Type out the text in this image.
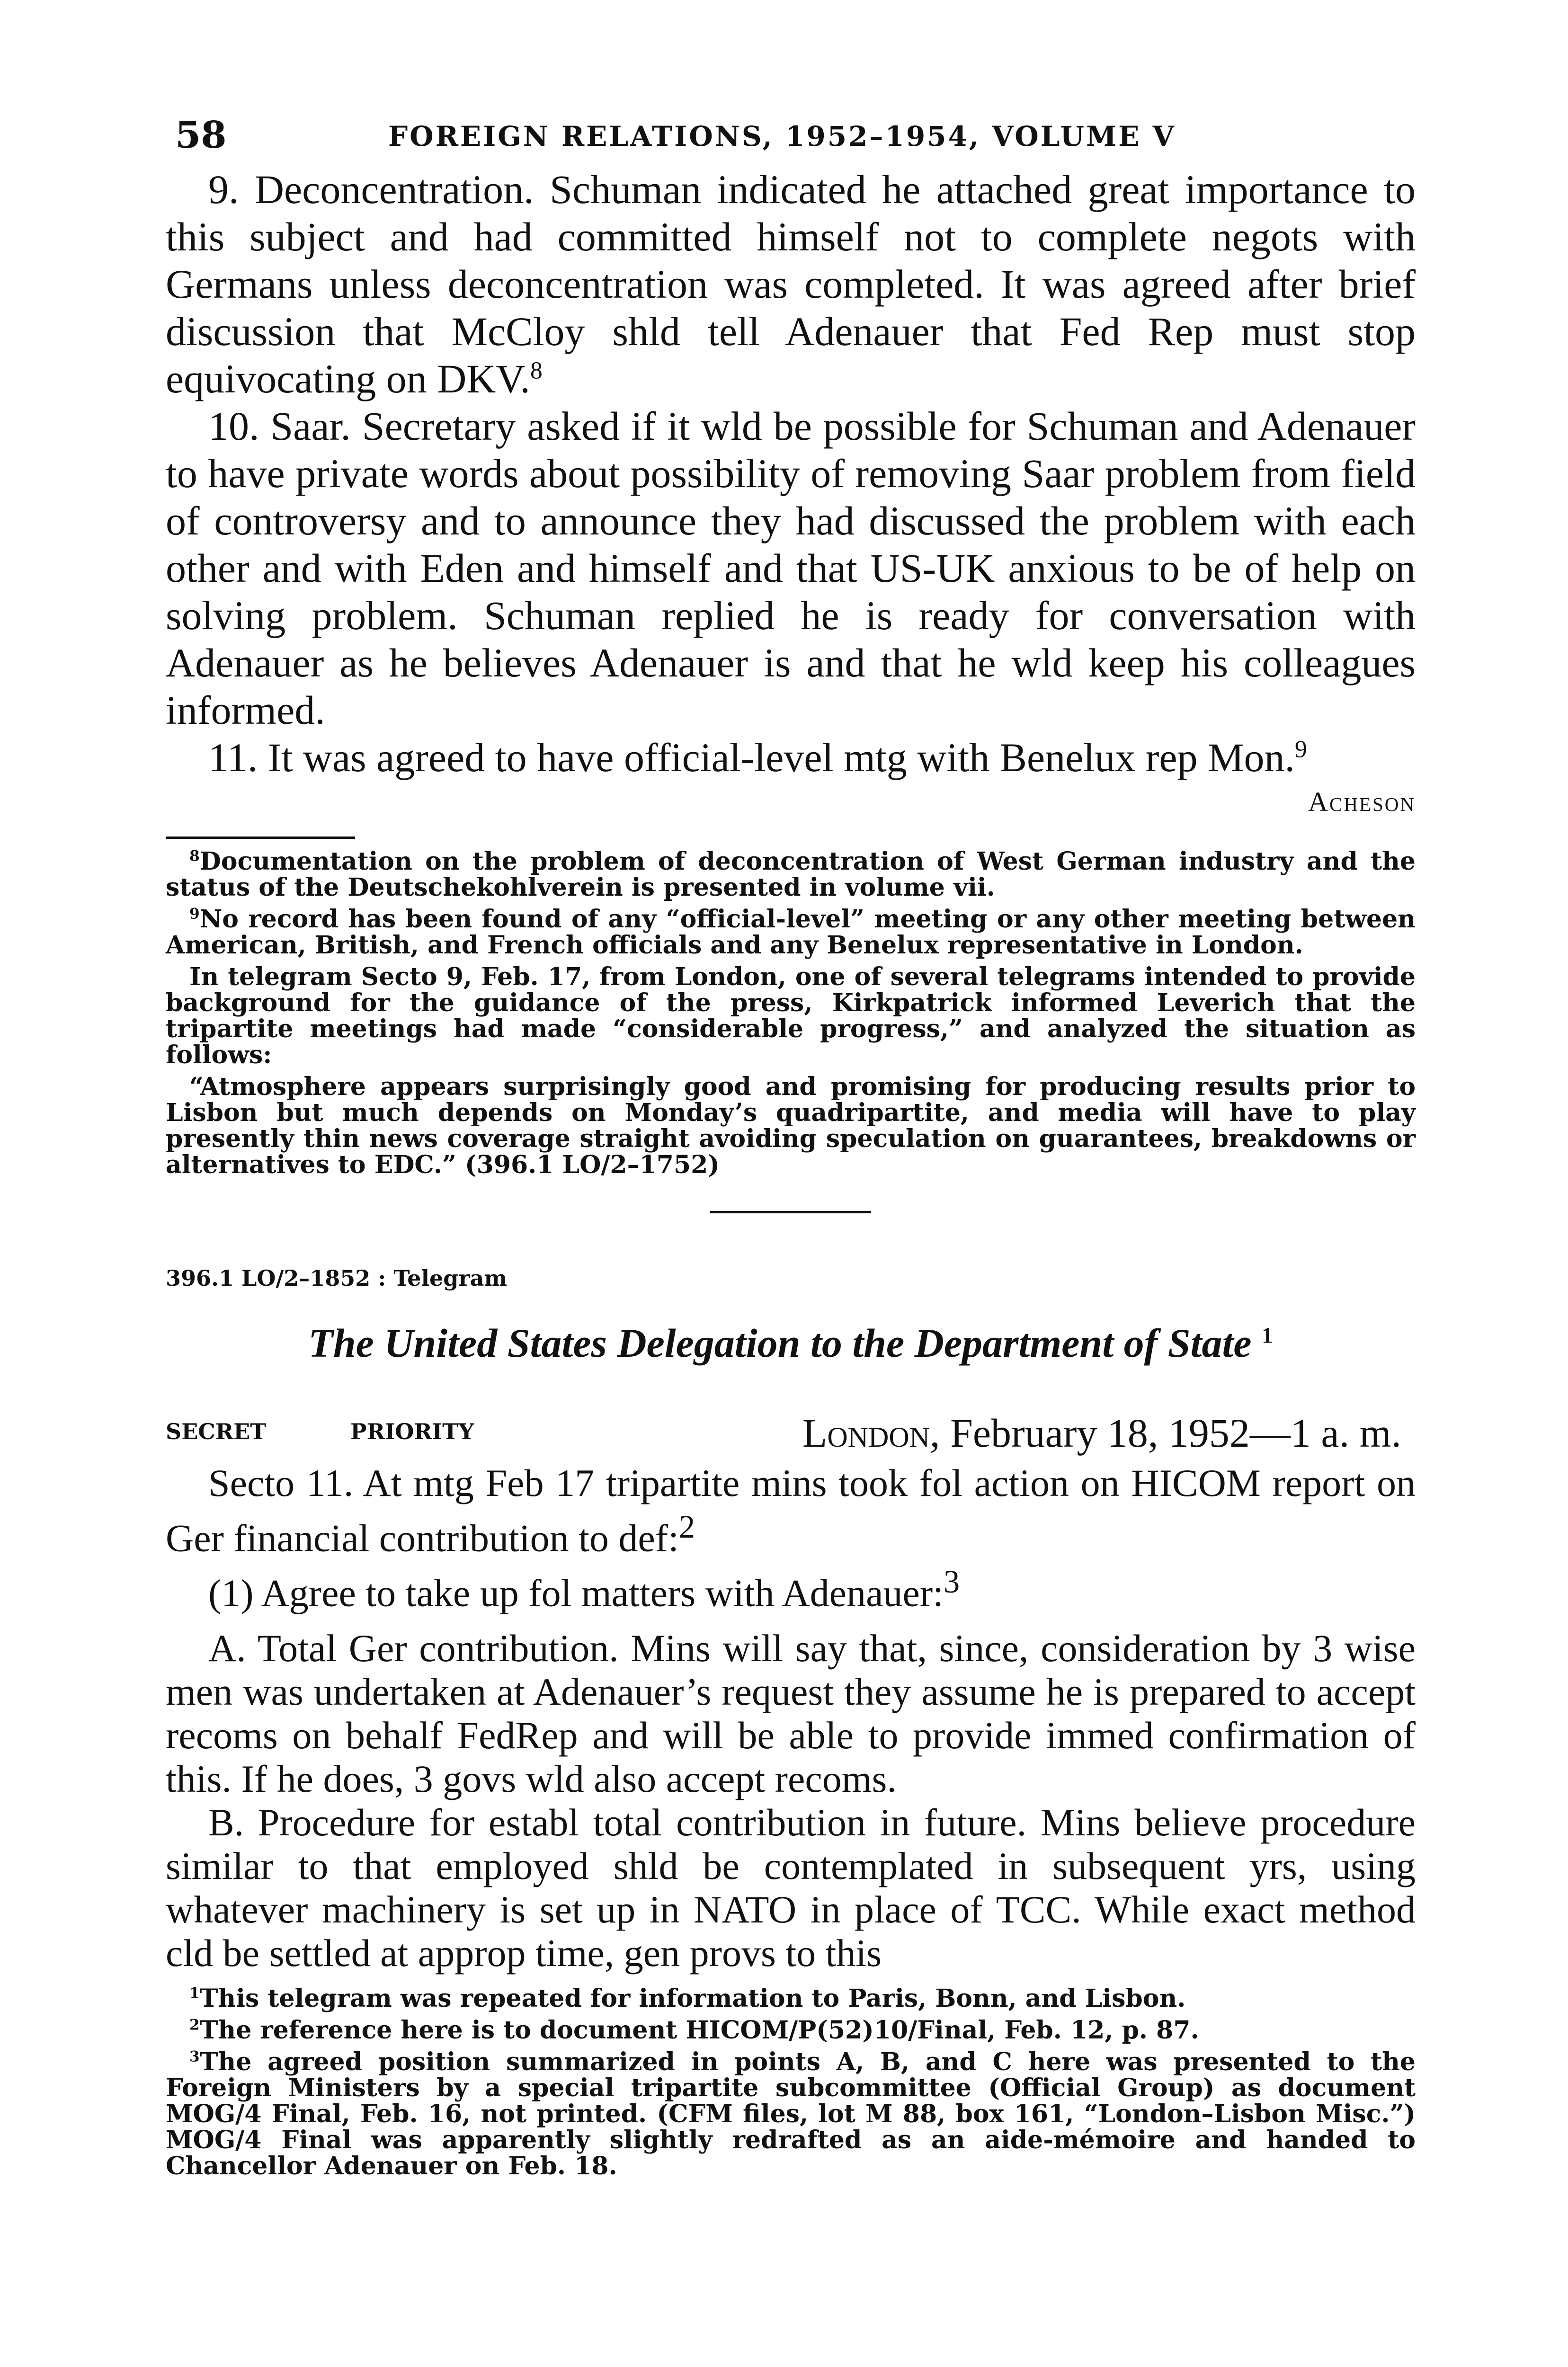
58	FOREIGN RELATIONS, 1952–1954, VOLUME V

9. Deconcentration. Schuman indicated he attached great importance to this subject and had committed himself not to complete negots with Germans unless deconcentration was completed. It was agreed after brief discussion that McCloy shld tell Adenauer that Fed Rep must stop equivocating on DKV.$^8$

10. Saar. Secretary asked if it wld be possible for Schuman and Adenauer to have private words about possibility of removing Saar problem from field of controversy and to announce they had discussed the problem with each other and with Eden and himself and that US-UK anxious to be of help on solving problem. Schuman replied he is ready for conversation with Adenauer as he believes Adenauer is and that he wld keep his colleagues informed.

11. It was agreed to have official-level mtg with Benelux rep Mon.$^9$

Acheson

$^8$Documentation on the problem of deconcentration of West German industry and the status of the Deutschekohlverein is presented in volume vii.

$^9$No record has been found of any “official-level” meeting or any other meeting between American, British, and French officials and any Benelux representative in London.

In telegram Secto 9, Feb. 17, from London, one of several telegrams intended to provide background for the guidance of the press, Kirkpatrick informed Leverich that the tripartite meetings had made “considerable progress,” and analyzed the situation as follows:

“Atmosphere appears surprisingly good and promising for producing results prior to Lisbon but much depends on Monday’s quadripartite, and media will have to play presently thin news coverage straight avoiding speculation on guarantees, breakdowns or alternatives to EDC.” (396.1 LO/2–1752)

396.1 LO/2–1852 : Telegram

The United States Delegation to the Department of State $^1$

SECRET	PRIORITY	London, February 18, 1952—1 a. m.

Secto 11. At mtg Feb 17 tripartite mins took fol action on HICOM report on Ger financial contribution to def:$^2$

(1) Agree to take up fol matters with Adenauer:$^3$

A. Total Ger contribution. Mins will say that, since, consideration by 3 wise men was undertaken at Adenauer’s request they assume he is prepared to accept recoms on behalf FedRep and will be able to provide immed confirmation of this. If he does, 3 govs wld also accept recoms.

B. Procedure for establ total contribution in future. Mins believe procedure similar to that employed shld be contemplated in subsequent yrs, using whatever machinery is set up in NATO in place of TCC. While exact method cld be settled at approp time, gen provs to this

$^1$This telegram was repeated for information to Paris, Bonn, and Lisbon.

$^2$The reference here is to document HICOM/P(52)10/Final, Feb. 12, p. 87.

$^3$The agreed position summarized in points A, B, and C here was presented to the Foreign Ministers by a special tripartite subcommittee (Official Group) as document MOG/4 Final, Feb. 16, not printed. (CFM files, lot M 88, box 161, “London–Lisbon Misc.”) MOG/4 Final was apparently slightly redrafted as an aide-mémoire and handed to Chancellor Adenauer on Feb. 18.
